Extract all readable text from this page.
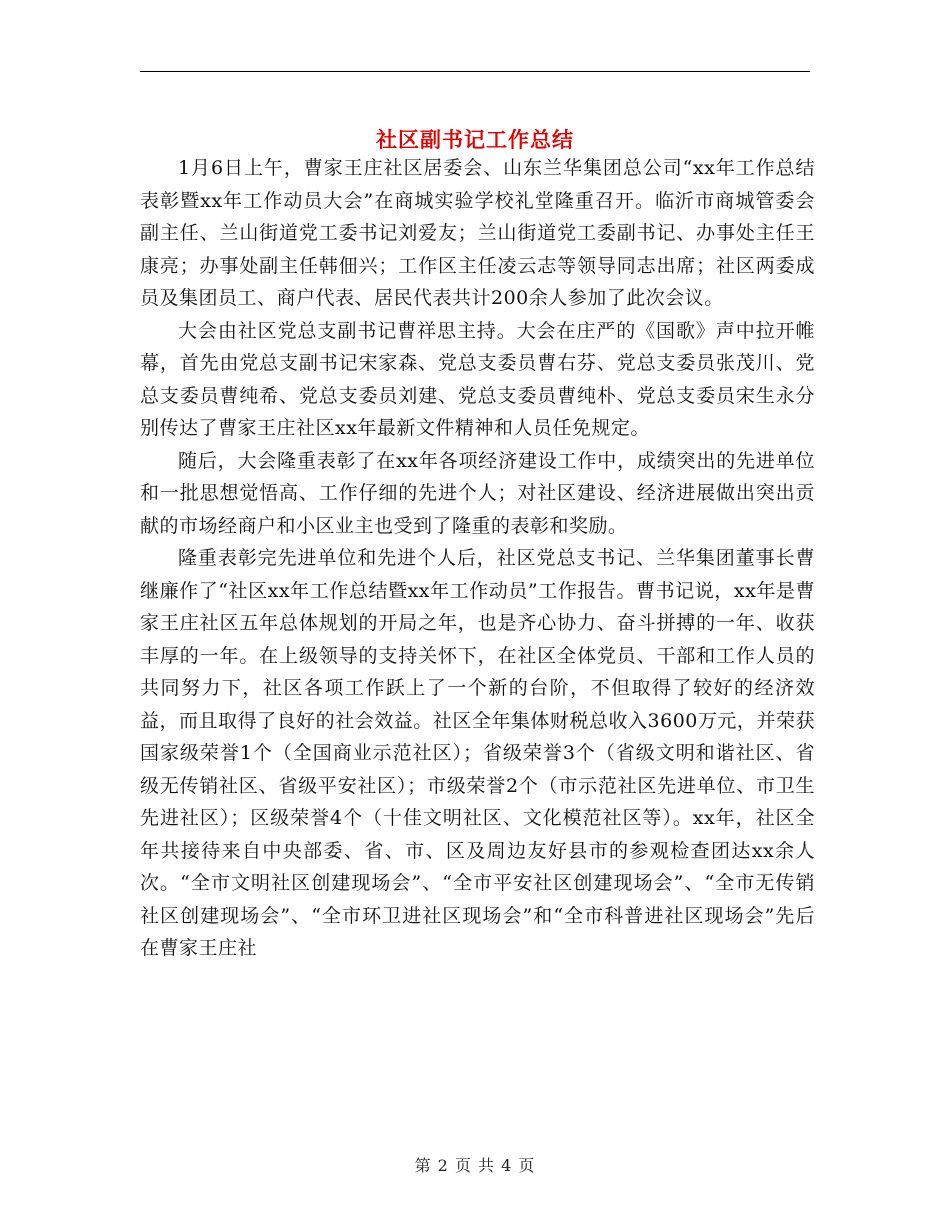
社区副书记工作总结

1月6日上午，曹家王庄社区居委会、山东兰华集团总公司“xx年工作总结表彰暨xx年工作动员大会”在商城实验学校礼堂隆重召开。临沂市商城管委会副主任、兰山街道党工委书记刘爱友；兰山街道党工委副书记、办事处主任王康亮；办事处副主任韩佃兴；工作区主任凌云志等领导同志出席；社区两委成员及集团员工、商户代表、居民代表共计200余人参加了此次会议。

大会由社区党总支副书记曹祥思主持。大会在庄严的《国歌》声中拉开帷幕，首先由党总支副书记宋家森、党总支委员曹右芬、党总支委员张茂川、党总支委员曹纯希、党总支委员刘建、党总支委员曹纯朴、党总支委员宋生永分别传达了曹家王庄社区xx年最新文件精神和人员任免规定。

随后，大会隆重表彰了在xx年各项经济建设工作中，成绩突出的先进单位和一批思想觉悟高、工作仔细的先进个人；对社区建设、经济进展做出突出贡献的市场经商户和小区业主也受到了隆重的表彰和奖励。

隆重表彰完先进单位和先进个人后，社区党总支书记、兰华集团董事长曹继廉作了“社区xx年工作总结暨xx年工作动员”工作报告。曹书记说，xx年是曹家王庄社区五年总体规划的开局之年，也是齐心协力、奋斗拼搏的一年、收获丰厚的一年。在上级领导的支持关怀下，在社区全体党员、干部和工作人员的共同努力下，社区各项工作跃上了一个新的台阶，不但取得了较好的经济效益，而且取得了良好的社会效益。社区全年集体财税总收入3600万元，并荣获国家级荣誉1个（全国商业示范社区）；省级荣誉3个（省级文明和谐社区、省级无传销社区、省级平安社区）；市级荣誉2个（市示范社区先进单位、市卫生先进社区）；区级荣誉4个（十佳文明社区、文化模范社区等）。xx年，社区全年共接待来自中央部委、省、市、区及周边友好县市的参观检查团达xx余人次。“全市文明社区创建现场会”、“全市平安社区创建现场会”、“全市无传销社区创建现场会”、“全市环卫进社区现场会”和“全市科普进社区现场会”先后在曹家王庄社

第 2 页 共 4 页
